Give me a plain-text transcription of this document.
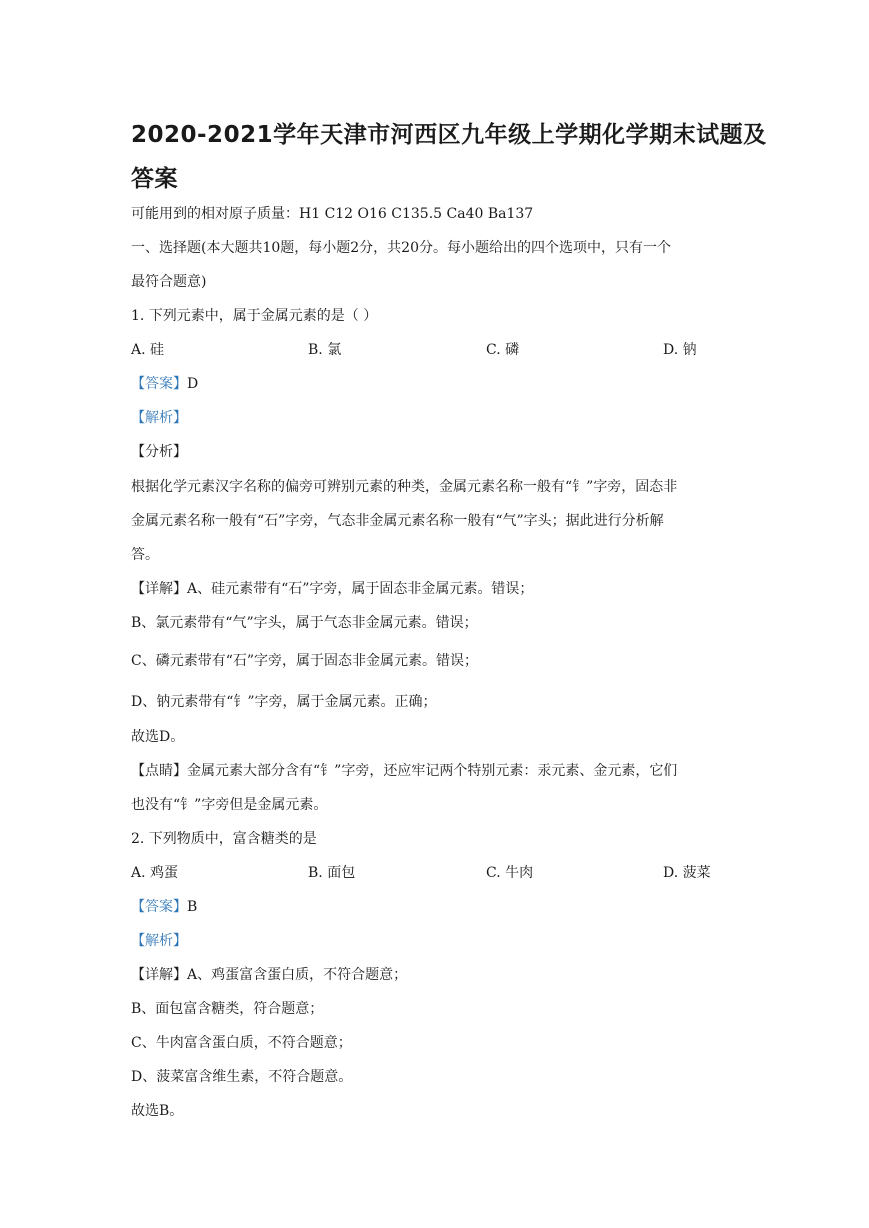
2020-2021学年天津市河西区九年级上学期化学期末试题及
答案
可能用到的相对原子质量：H1 C12 O16 C135.5 Ca40 Ba137
一、选择题(本大题共10题，每小题2分，共20分。每小题给出的四个选项中，只有一个
最符合题意)
1. 下列元素中，属于金属元素的是（ ）
A. 硅	B. 氯	C. 磷	D. 钠
【答案】D
【解析】
【分析】
根据化学元素汉字名称的偏旁可辨别元素的种类，金属元素名称一般有“钅”字旁，固态非
金属元素名称一般有“石”字旁，气态非金属元素名称一般有“气”字头；据此进行分析解
答。
【详解】A、硅元素带有“石”字旁，属于固态非金属元素。错误；
B、氯元素带有“气”字头，属于气态非金属元素。错误；
C、磷元素带有“石”字旁，属于固态非金属元素。错误；
D、钠元素带有“钅”字旁，属于金属元素。正确；
故选D。
【点睛】金属元素大部分含有“钅”字旁，还应牢记两个特别元素：汞元素、金元素，它们
也没有“钅”字旁但是金属元素。
2. 下列物质中，富含糖类的是
A. 鸡蛋	B. 面包	C. 牛肉	D. 菠菜
【答案】B
【解析】
【详解】A、鸡蛋富含蛋白质，不符合题意；
B、面包富含糖类，符合题意；
C、牛肉富含蛋白质，不符合题意；
D、菠菜富含维生素，不符合题意。
故选B。
